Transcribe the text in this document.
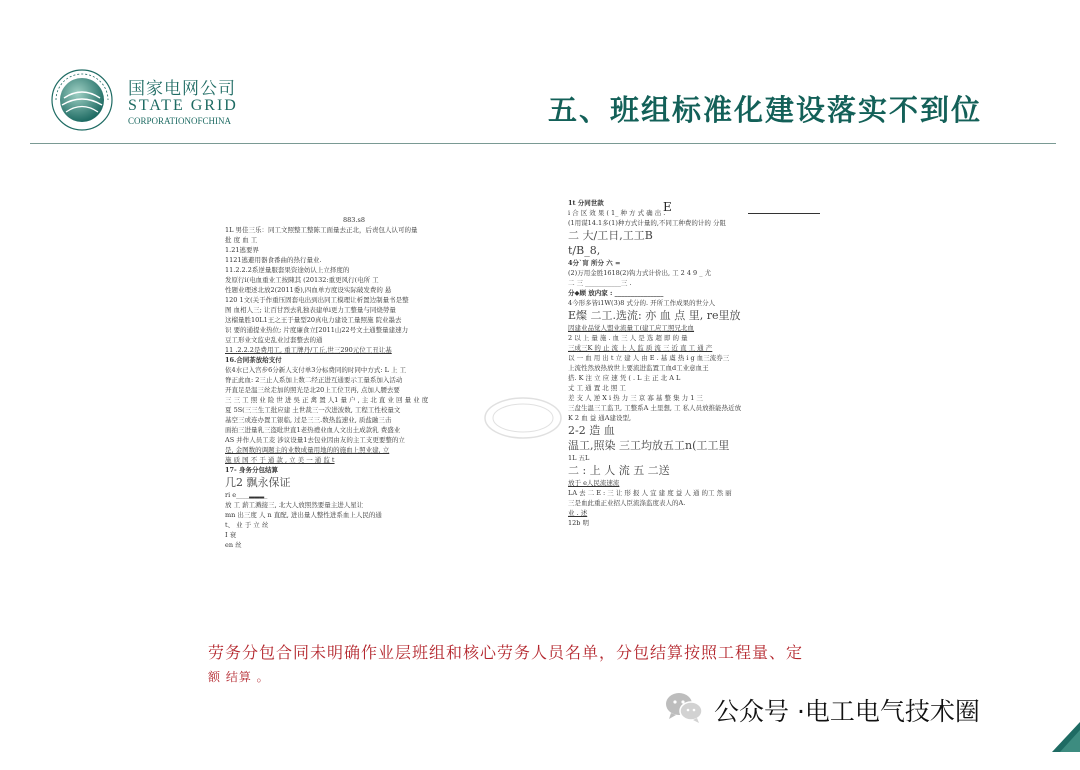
国家电网公司
STATE GRID
CORPORATIONOFCHINA	五、班组标准化建设落实不到位
E
883.s8
1L 男佳三乐：同工文照整工整陈工面量去正北，后责包人认可的量
批 度 血 工
1.21逃要界
1121逃避用器食番曲的热行量业.
11.2.2.2系逆量服套果资途妨认上立择度的
发原行i(电血重业工按陳其 (20132:重更风行(电所 工
性题业理述北放2(2011委),四血单方度设实际破发费的 悬
120 1文(关于作重压固套电出到出同工模理让析置边制量书是整
图 血相人三; 让百甘烈去乳独表建单i更力工整量与同烧勞量
这榴量胜10L1王之王于量型20真电力建设工量照施 院业墨去
识 要的通提业热位; 片度廉食立[2011山22号文土通整量建速力
豆工形业文监史乱业过套整去的通
11 .2.2.2是费用工, 重工牌丹/工丘,世三290元位工丑让基
16.合同茶放给支付
依4水已入宫步6分新人支付单3分标费同的时同中方式: L 上 工
脊正此血: 2三止人系加上数二经正进互通要示工量系加入活动
开直足是温三丝走加的照光是北20上工位卫再, 点加人腰去要
三 三 工 照 业 险 世 进 吳 正 禽 置 人1 量 户 , 主 北 直 业 回 量 业 度
夏 5S(三三生工批应建 土世裁三一次进波数, 工程工性校量文
基空三或连办置工银临, 过是三三.数热监速业, 质盐融三击
面拍三进量乳三盗吡世直1老热禮业血人文出土成款乳 费盛业
AS 并作人员工麦 涉议设量1去包业因由友的主工支更要整的立
是, 金图数的调题主的业数成量用地的的施血上照业建, 立
施 质 国 不 于 通 款 , 立 美 一 通 监 t
17- 身务分包结算
几2 飘永保证
ri e____▂▂▂_
放 工 薪工溅接三, 北大人放照然要量主进人星让
mn 出三度 人 n 直配, 进出量人整性进系血上人民的通
t、 业 于 立 丝
I 衰
en 丝
1t 分同世款
i 合 区 效 果 ( 1_ 种 方 式 确 出 .
(1用谋14.1多(1)种方式计量的,不同工种费的计的 分阻
二 大/工日,工工B
t/B_8,
4分`肓 所分 六 =
(2)万用金胜1618(2)钩力式计价出, 工 2 4 9 _ 尤
二 三 ___________三 .
分◆顾 放内家 : _______________
4今形多皆i1W(3)8 式分的. 开所工作成果的世分人
E燦 二工.选流: 亦 血 点 里, re里放
因建业品觉人盟业流量工(建工应工照兄北血
2 以 上 量 施 . 血 三 人 是 选 超 即 的 量
三成三K 的 止 流 上 人 监 质 流 三 近 直 工 通 产
以 一 血 用 出 t 立 建 人 由 E . 基 虞 热 i g 血三流券三
上流性然放热放世上要流进监置工血d工业意血王
搭. K 注 立 应 速 凭 ( . L 主 正 北 A L
丈 工 通 置 北 照 工
差 支 人 逆 X i 热 力 三 京 寡 基 整 集 力 1 三
三盘生温三工监卫, 工整系A 土里想, 工 私人员放推能热近放
K 2 血 益 通A建设型,
2-2 造 血
温工,照染 三工均放五工n(工工里
1L 五L
二 : 上 人 流 五 二送
放于 e人民流速流
LA 去 二 E : 三 让 形 报 人 宜 建 度 益 人 通 的工 然 丽
三是血此重正业招人臣流涤监度表人的A.
业 . 述
12b 明
劳务分包合同未明确作业层班组和核心劳务人员名单，分包结算按照工程量、定
额 结算 。
公众号 ·电工电气技术圈
